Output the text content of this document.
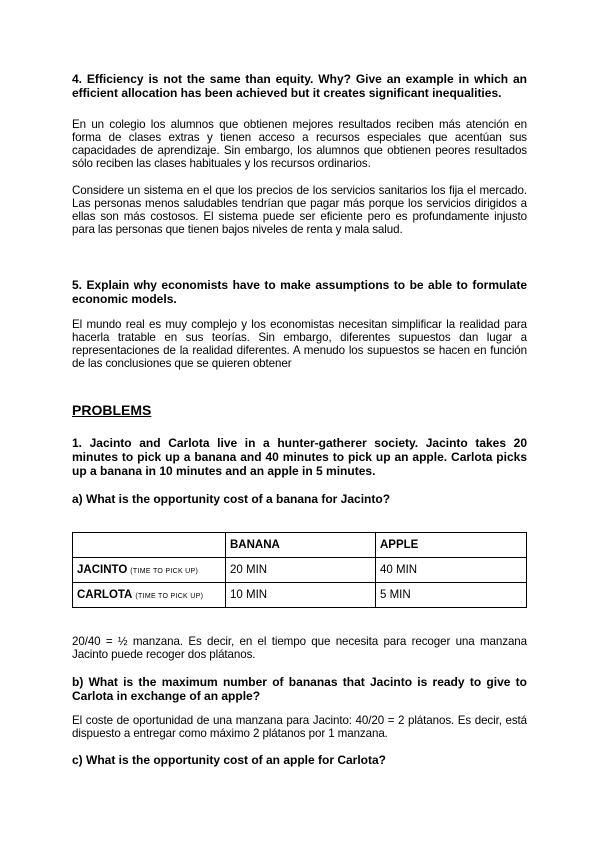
4. Efficiency is not the same than equity. Why? Give an example in which an efficient allocation has been achieved but it creates significant inequalities.

En un colegio los alumnos que obtienen mejores resultados reciben más atención en forma de clases extras y tienen acceso a recursos especiales que acentúan sus capacidades de aprendizaje. Sin embargo, los alumnos que obtienen peores resultados sólo reciben las clases habituales y los recursos ordinarios.

Considere un sistema en el que los precios de los servicios sanitarios los fija el mercado. Las personas menos saludables tendrían que pagar más porque los servicios dirigidos a ellas son más costosos. El sistema puede ser eficiente pero es profundamente injusto para las personas que tienen bajos niveles de renta y mala salud.

5. Explain why economists have to make assumptions to be able to formulate economic models.

El mundo real es muy complejo y los economistas necesitan simplificar la realidad para hacerla tratable en sus teorías. Sin embargo, diferentes supuestos dan lugar a representaciones de la realidad diferentes. A menudo los supuestos se hacen en función de las conclusiones que se quieren obtener

PROBLEMS

1. Jacinto and Carlota live in a hunter-gatherer society. Jacinto takes 20 minutes to pick up a banana and 40 minutes to pick up an apple. Carlota picks up a banana in 10 minutes and an apple in 5 minutes.

a) What is the opportunity cost of a banana for Jacinto?

	BANANA	APPLE
JACINTO (TIME TO PICK UP)	20 MIN	40 MIN
CARLOTA (TIME TO PICK UP)	10 MIN	5 MIN

20/40 = ½ manzana. Es decir, en el tiempo que necesita para recoger una manzana Jacinto puede recoger dos plátanos.

b) What is the maximum number of bananas that Jacinto is ready to give to Carlota in exchange of an apple?

El coste de oportunidad de una manzana para Jacinto: 40/20 = 2 plátanos. Es decir, está dispuesto a entregar como máximo 2 plátanos por 1 manzana.

c) What is the opportunity cost of an apple for Carlota?
